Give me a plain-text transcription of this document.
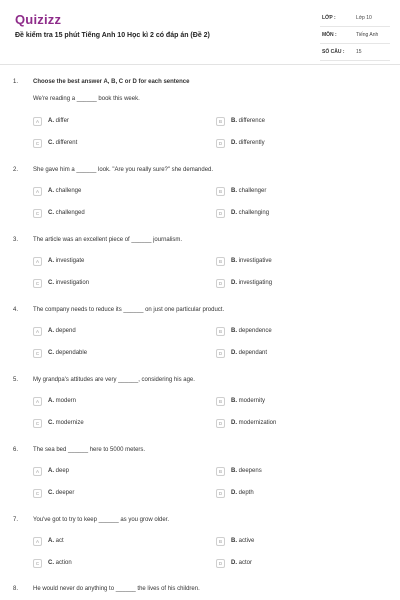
Quizizz
Đề kiểm tra 15 phút Tiếng Anh 10 Học kì 2 có đáp án (Đề 2)
LỚP :	Lớp 10
MÔN :	Tiếng Anh
SỐ CÂU : 15
1. Choose the best answer A, B, C or D for each sentence
We're reading a ______ book this week.
A	A. differ	B	B. difference
C	C. different	D	D. differently
2. She gave him a ______ look. "Are you really sure?" she demanded.
A	A. challenge	B	B. challenger
C	C. challenged	D	D. challenging
3. The article was an excellent piece of ______ journalism.
A	A. investigate	B	B. investigative
C	C. investigation	D	D. investigating
4. The company needs to reduce its ______ on just one particular product.
A	A. depend	B	B. dependence
C	C. dependable	D	D. dependant
5. My grandpa's attitudes are very ______, considering his age.
A	A. modern	B	B. modernity
C	C. modernize	D	D. modernization
6. The sea bed ______ here to 5000 meters.
A	A. deep	B	B. deepens
C	C. deeper	D	D. depth
7. You've got to try to keep ______ as you grow older.
A	A. act	B	B. active
C	C. action	D	D. actor
8. He would never do anything to ______ the lives of his children.
